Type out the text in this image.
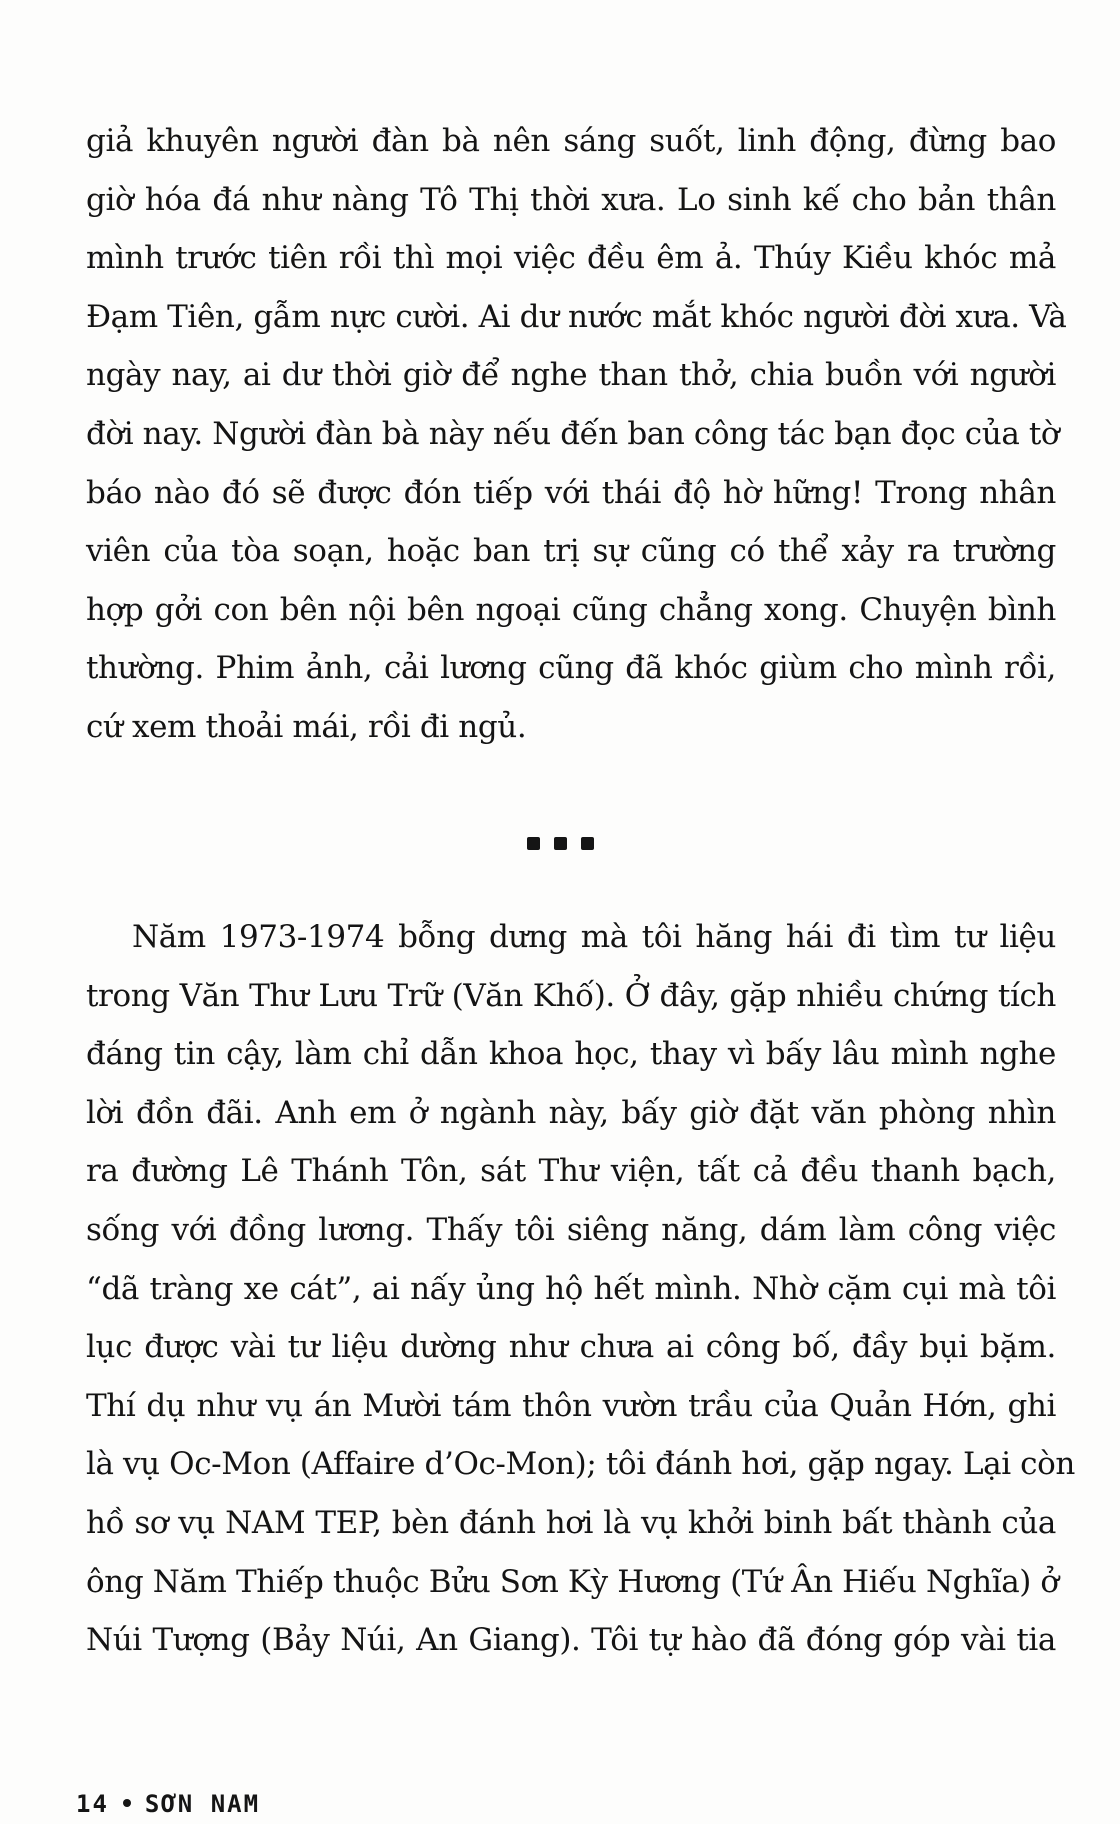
giả khuyên người đàn bà nên sáng suốt, linh động, đừng bao
giờ hóa đá như nàng Tô Thị thời xưa. Lo sinh kế cho bản thân
mình trước tiên rồi thì mọi việc đều êm ả. Thúy Kiều khóc mả
Đạm Tiên, gẫm nực cười. Ai dư nước mắt khóc người đời xưa. Và
ngày nay, ai dư thời giờ để nghe than thở, chia buồn với người
đời nay. Người đàn bà này nếu đến ban công tác bạn đọc của tờ
báo nào đó sẽ được đón tiếp với thái độ hờ hững! Trong nhân
viên của tòa soạn, hoặc ban trị sự cũng có thể xảy ra trường
hợp gởi con bên nội bên ngoại cũng chẳng xong. Chuyện bình
thường. Phim ảnh, cải lương cũng đã khóc giùm cho mình rồi,
cứ xem thoải mái, rồi đi ngủ.

Năm 1973-1974 bỗng dưng mà tôi hăng hái đi tìm tư liệu
trong Văn Thư Lưu Trữ (Văn Khố). Ở đây, gặp nhiều chứng tích
đáng tin cậy, làm chỉ dẫn khoa học, thay vì bấy lâu mình nghe
lời đồn đãi. Anh em ở ngành này, bấy giờ đặt văn phòng nhìn
ra đường Lê Thánh Tôn, sát Thư viện, tất cả đều thanh bạch,
sống với đồng lương. Thấy tôi siêng năng, dám làm công việc
“dã tràng xe cát”, ai nấy ủng hộ hết mình. Nhờ cặm cụi mà tôi
lục được vài tư liệu dường như chưa ai công bố, đầy bụi bặm.
Thí dụ như vụ án Mười tám thôn vườn trầu của Quản Hớn, ghi
là vụ Oc-Mon (Affaire d’Oc-Mon); tôi đánh hơi, gặp ngay. Lại còn
hồ sơ vụ NAM TEP, bèn đánh hơi là vụ khởi binh bất thành của
ông Năm Thiếp thuộc Bửu Sơn Kỳ Hương (Tứ Ân Hiếu Nghĩa) ở
Núi Tượng (Bảy Núi, An Giang). Tôi tự hào đã đóng góp vài tia
14 SƠN NAM
